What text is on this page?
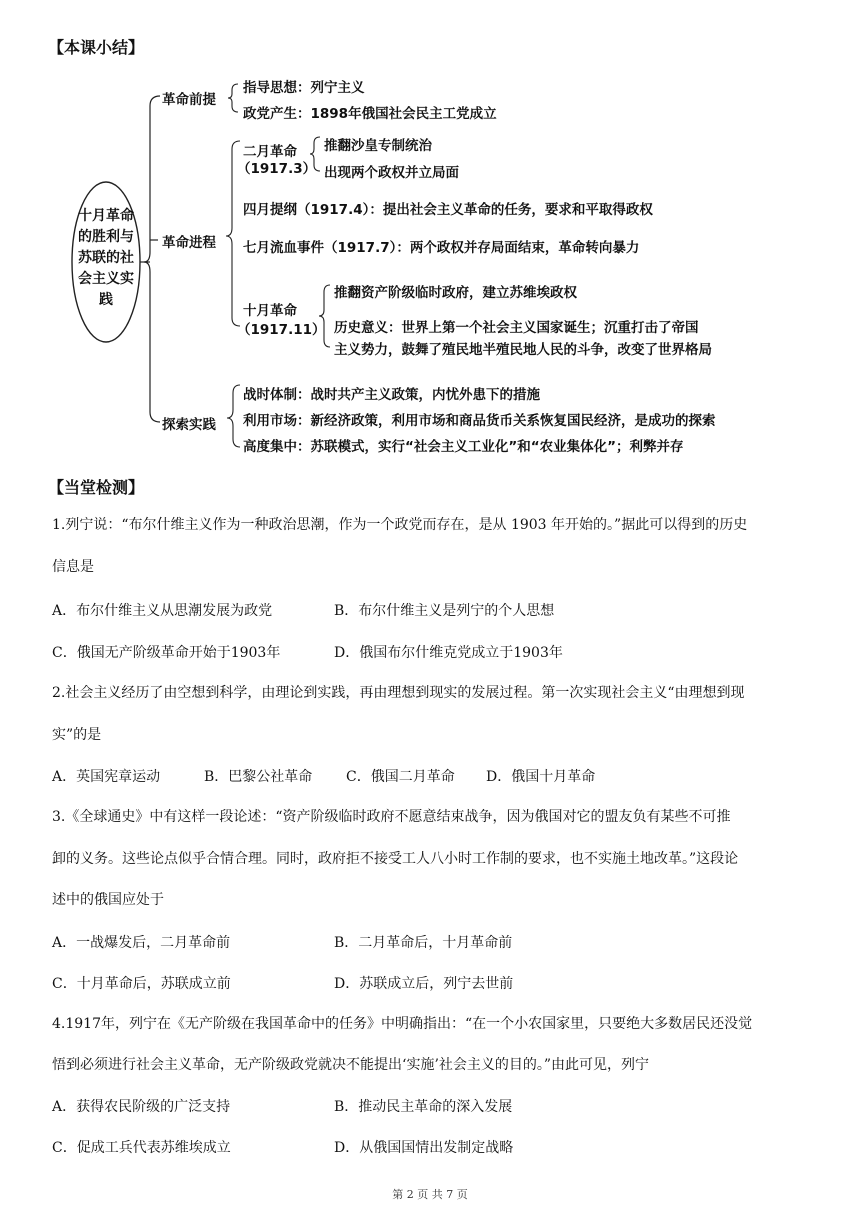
【本课小结】
十月革命的胜利与苏联的社会主义实践
革命前提
指导思想：列宁主义
政党产生：1898年俄国社会民主工党成立
革命进程
二月革命
（1917.3）
推翻沙皇专制统治
出现两个政权并立局面
四月提纲（1917.4）：提出社会主义革命的任务，要求和平取得政权
七月流血事件（1917.7）：两个政权并存局面结束，革命转向暴力
十月革命
（1917.11）
推翻资产阶级临时政府，建立苏维埃政权
历史意义：世界上第一个社会主义国家诞生；沉重打击了帝国
主义势力，鼓舞了殖民地半殖民地人民的斗争，改变了世界格局
探索实践
战时体制：战时共产主义政策，内忧外患下的措施
利用市场：新经济政策，利用市场和商品货币关系恢复国民经济，是成功的探索
高度集中：苏联模式，实行“社会主义工业化”和“农业集体化”；利弊并存
【当堂检测】
1.列宁说：“布尔什维主义作为一种政治思潮，作为一个政党而存在，是从 1903 年开始的。”据此可以得到的历史
信息是
A．布尔什维主义从思潮发展为政党	B．布尔什维主义是列宁的个人思想
C．俄国无产阶级革命开始于1903年	D．俄国布尔什维克党成立于1903年
2.社会主义经历了由空想到科学，由理论到实践，再由理想到现实的发展过程。第一次实现社会主义“由理想到现
实”的是
A．英国宪章运动	B．巴黎公社革命 C．俄国二月革命 D．俄国十月革命
3.《全球通史》中有这样一段论述：“资产阶级临时政府不愿意结束战争，因为俄国对它的盟友负有某些不可推
卸的义务。这些论点似乎合情合理。同时，政府拒不接受工人八小时工作制的要求，也不实施土地改革。”这段论
述中的俄国应处于
A．一战爆发后，二月革命前	B．二月革命后，十月革命前
C．十月革命后，苏联成立前	D．苏联成立后，列宁去世前
4.1917年，列宁在《无产阶级在我国革命中的任务》中明确指出：“在一个小农国家里，只要绝大多数居民还没觉
悟到必须进行社会主义革命，无产阶级政党就决不能提出‘实施’社会主义的目的。”由此可见，列宁
A．获得农民阶级的广泛支持	B．推动民主革命的深入发展
C．促成工兵代表苏维埃成立	D．从俄国国情出发制定战略
第 2 页 共 7 页
